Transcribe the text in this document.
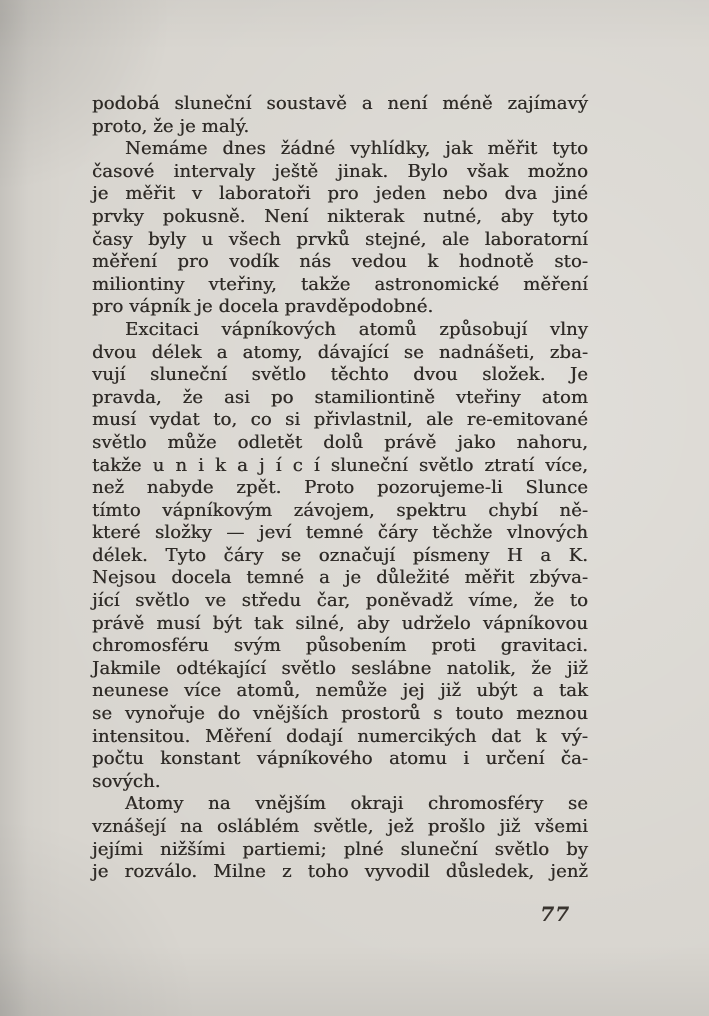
podobá sluneční soustavě a není méně zajímavý
proto, že je malý.
Nemáme dnes žádné vyhlídky, jak měřit tyto
časové intervaly ještě jinak. Bylo však možno
je měřit v laboratoři pro jeden nebo dva jiné
prvky pokusně. Není nikterak nutné, aby tyto
časy byly u všech prvků stejné, ale laboratorní
měření pro vodík nás vedou k hodnotě sto-
miliontiny vteřiny, takže astronomické měření
pro vápník je docela pravděpodobné.
Excitaci vápníkových atomů způsobují vlny
dvou délek a atomy, dávající se nadnášeti, zba-
vují sluneční světlo těchto dvou složek. Je
pravda, že asi po stamiliontině vteřiny atom
musí vydat to, co si přivlastnil, ale re-emitované
světlo může odletět dolů právě jako nahoru,
takže u n i k a j í c í sluneční světlo ztratí více,
než nabyde zpět. Proto pozorujeme-li Slunce
tímto vápníkovým závojem, spektru chybí ně-
které složky — jeví temné čáry těchže vlnových
délek. Tyto čáry se označují písmeny H a K.
Nejsou docela temné a je důležité měřit zbýva-
jící světlo ve středu čar, poněvadž víme, že to
právě musí být tak silné, aby udrželo vápníkovou
chromosféru svým působením proti gravitaci.
Jakmile odtékající světlo seslábne natolik, že již
neunese více atomů, nemůže jej již ubýt a tak
se vynořuje do vnějších prostorů s touto meznou
intensitou. Měření dodají numercikých dat k vý-
počtu konstant vápníkového atomu i určení ča-
sových.
Atomy na vnějším okraji chromosféry se
vznášejí na osláblém světle, jež prošlo již všemi
jejími nižšími partiemi; plné sluneční světlo by
je rozválo. Milne z toho vyvodil důsledek, jenž
77
